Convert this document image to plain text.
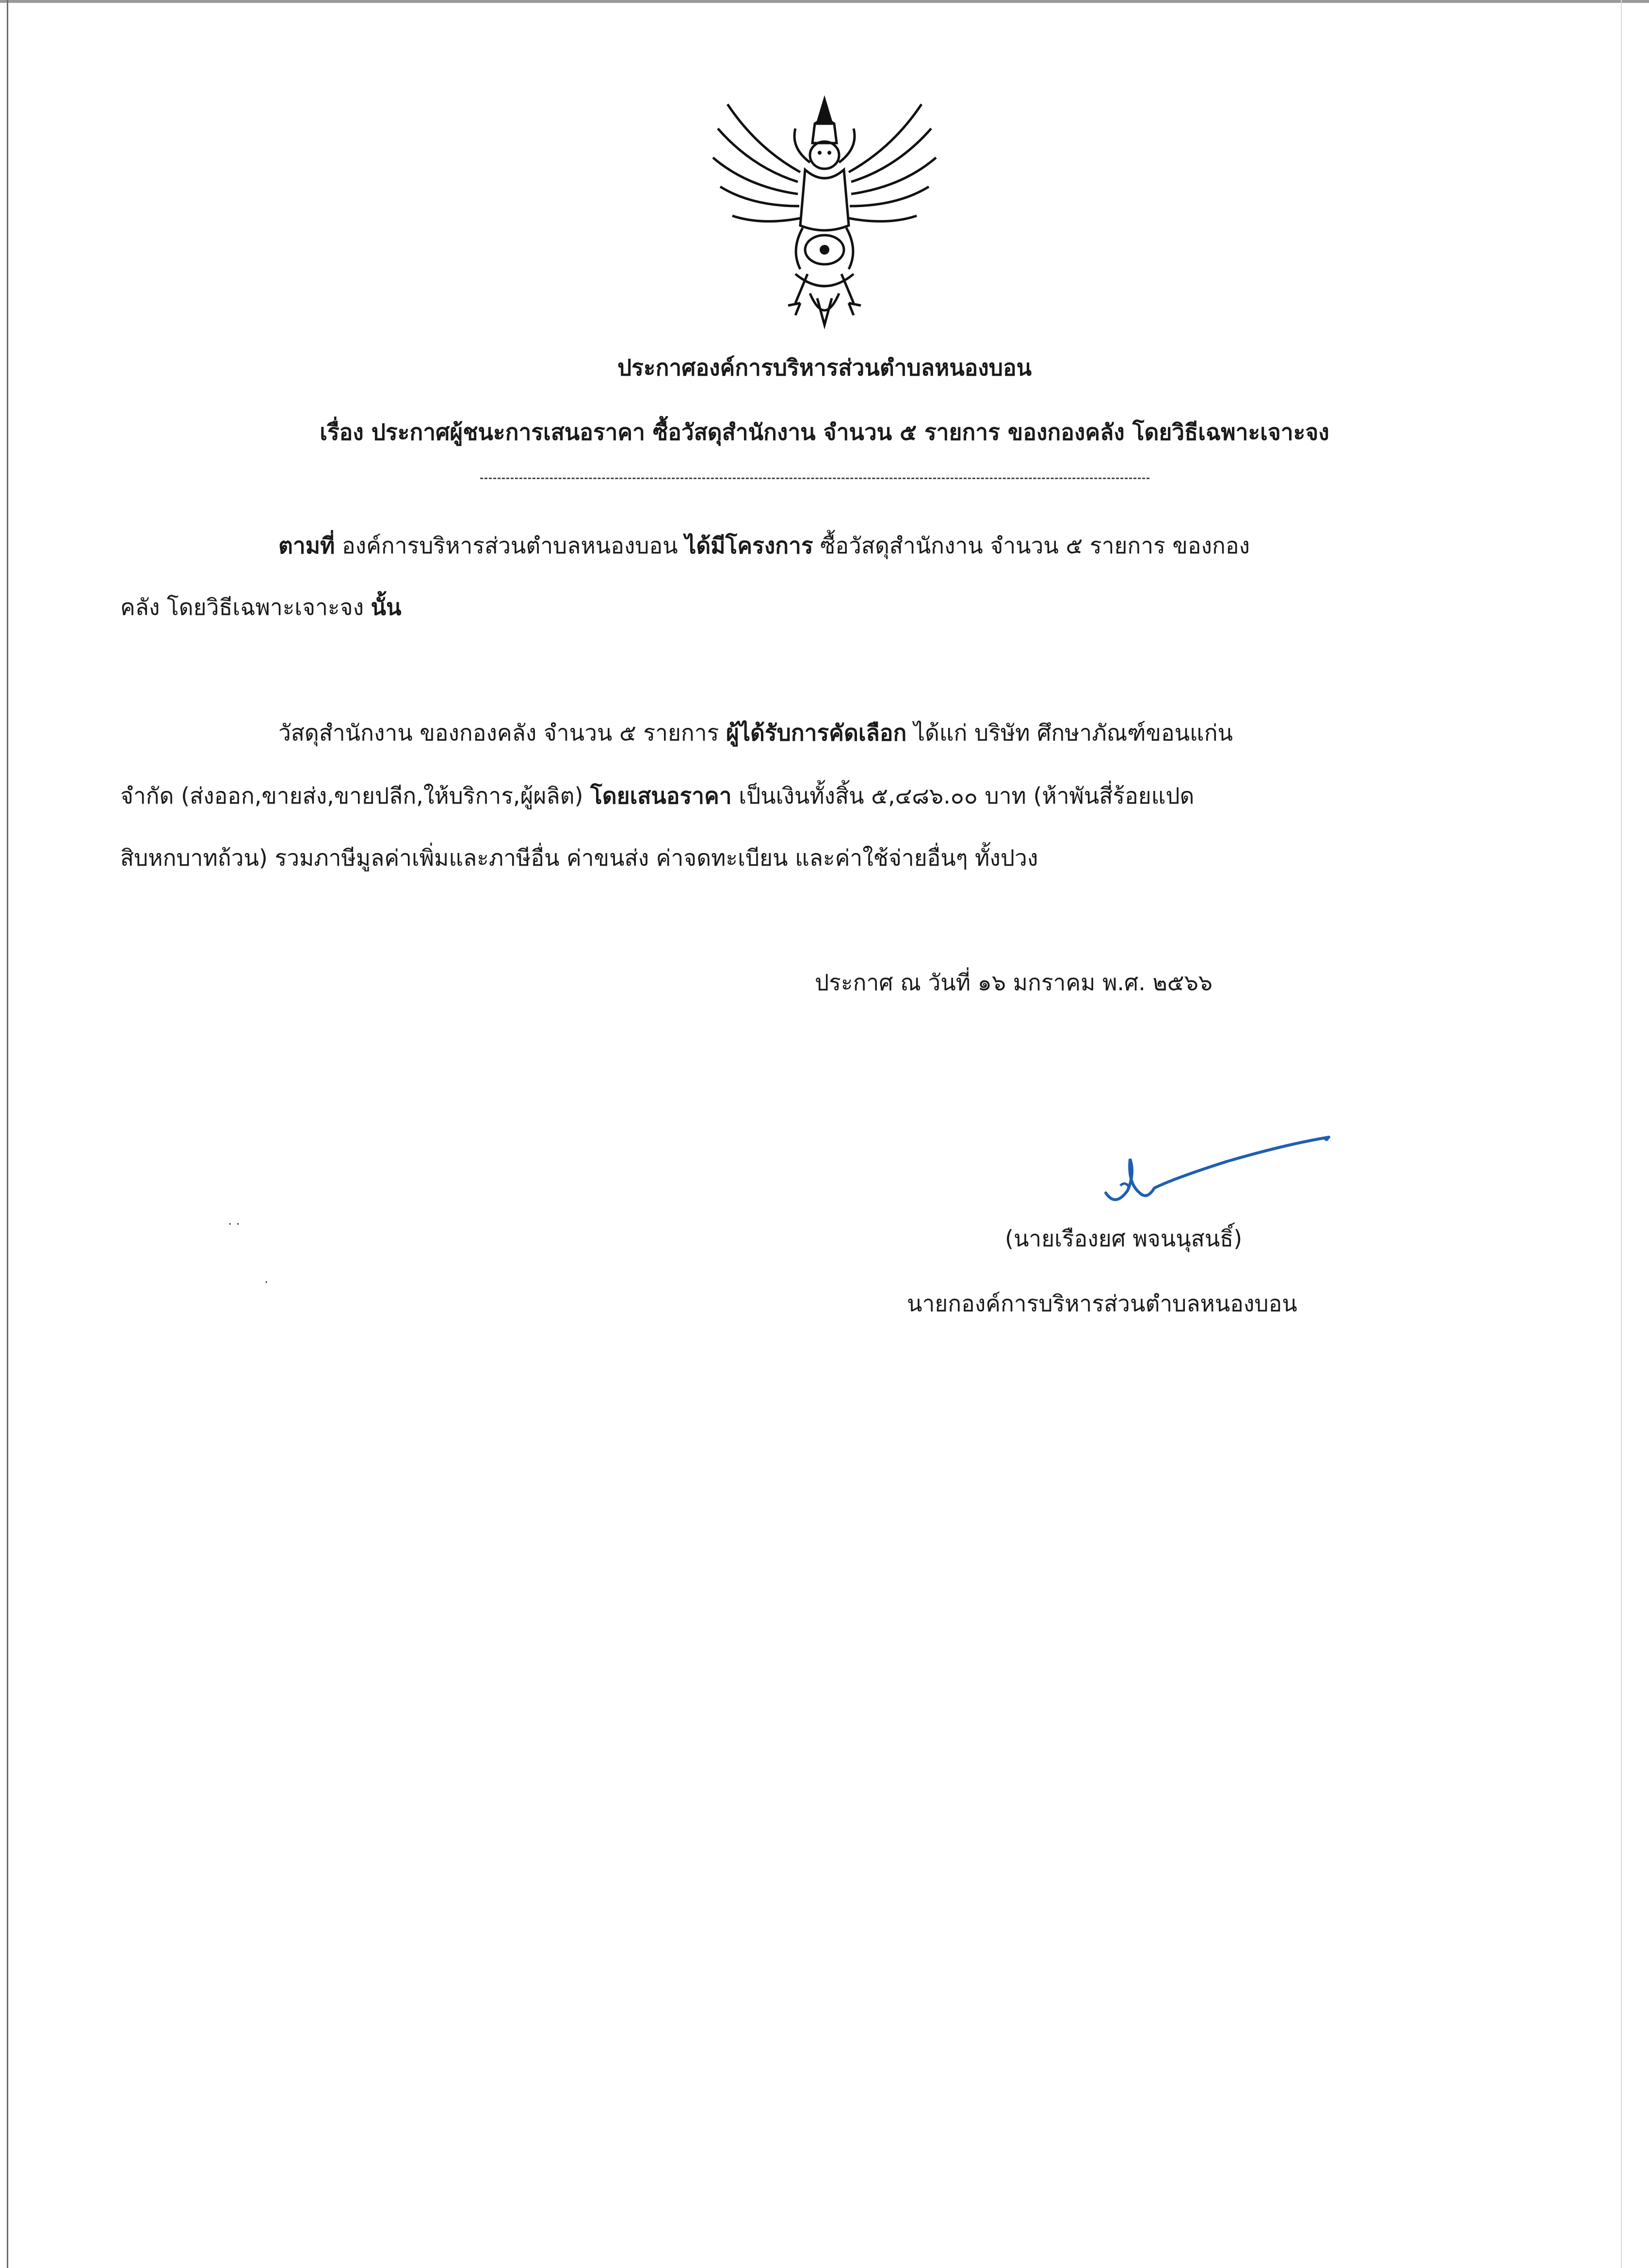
ประกาศองค์การบริหารส่วนตำบลหนองบอน
เรื่อง ประกาศผู้ชนะการเสนอราคา ซื้อวัสดุสำนักงาน จำนวน ๕ รายการ ของกองคลัง โดยวิธีเฉพาะเจาะจง
ตามที่ องค์การบริหารส่วนตำบลหนองบอน ได้มีโครงการ ซื้อวัสดุสำนักงาน จำนวน ๕ รายการ ของกอง
คลัง โดยวิธีเฉพาะเจาะจง นั้น
วัสดุสำนักงาน ของกองคลัง จำนวน ๕ รายการ ผู้ได้รับการคัดเลือก ได้แก่ บริษัท ศึกษาภัณฑ์ขอนแก่น
จำกัด (ส่งออก,ขายส่ง,ขายปลีก,ให้บริการ,ผู้ผลิต) โดยเสนอราคา เป็นเงินทั้งสิ้น ๕,๔๘๖.๐๐ บาท (ห้าพันสี่ร้อยแปด
สิบหกบาทถ้วน) รวมภาษีมูลค่าเพิ่มและภาษีอื่น ค่าขนส่ง ค่าจดทะเบียน และค่าใช้จ่ายอื่นๆ ทั้งปวง
ประกาศ ณ วันที่ ๑๖ มกราคม พ.ศ. ๒๕๖๖
(นายเรืองยศ พจนนุสนธิ์)
นายกองค์การบริหารส่วนตำบลหนองบอน
· ·
·
